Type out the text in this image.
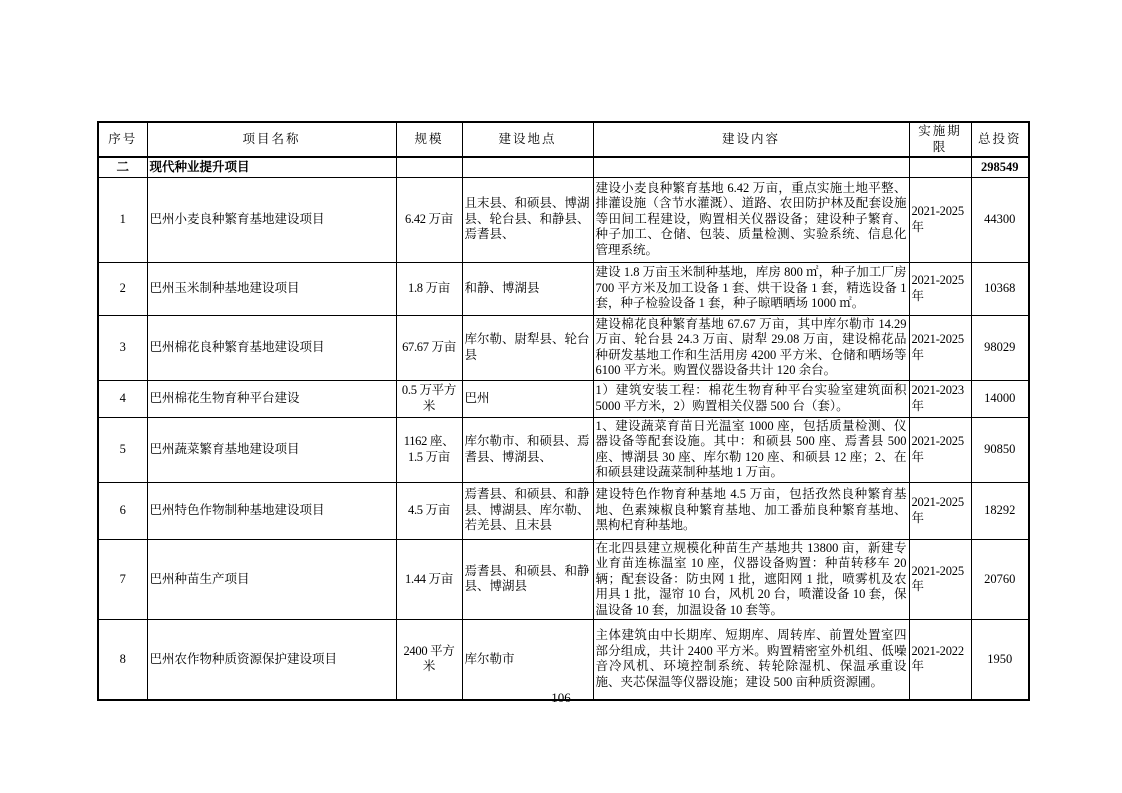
序号	项目名称	规模	建设地点	建设内容	实施期限	总投资
二	现代种业提升项目					298549
1	巴州小麦良种繁育基地建设项目	6.42 万亩	且末县、和硕县、博湖县、轮台县、和静县、焉耆县、	建设小麦良种繁育基地 6.42 万亩，重点实施土地平整、排灌设施（含节水灌溉）、道路、农田防护林及配套设施等田间工程建设，购置相关仪器设备；建设种子繁育、种子加工、仓储、包装、质量检测、实验系统、信息化管理系统。	2021-2025 年	44300
2	巴州玉米制种基地建设项目	1.8 万亩	和静、博湖县	建设 1.8 万亩玉米制种基地，库房 800 ㎡，种子加工厂房 700 平方米及加工设备 1 套、烘干设备 1 套，精选设备 1 套，种子检验设备 1 套，种子晾晒晒场 1000 ㎡。	2021-2025 年	10368
3	巴州棉花良种繁育基地建设项目	67.67 万亩	库尔勒、尉犁县、轮台县	建设棉花良种繁育基地 67.67 万亩，其中库尔勒市 14.29 万亩、轮台县 24.3 万亩、尉犁 29.08 万亩，建设棉花品种研发基地工作和生活用房 4200 平方米、仓储和晒场等 6100 平方米。购置仪器设备共计 120 余台。	2021-2025 年	98029
4	巴州棉花生物育种平台建设	0.5 万平方米	巴州	1）建筑安装工程：棉花生物育种平台实验室建筑面积 5000 平方米，2）购置相关仪器 500 台（套）。	2021-2023 年	14000
5	巴州蔬菜繁育基地建设项目	1162 座、1.5 万亩	库尔勒市、和硕县、焉耆县、博湖县、	1、建设蔬菜育苗日光温室 1000 座，包括质量检测、仪器设备等配套设施。其中：和硕县 500 座、焉耆县 500 座、博湖县 30 座、库尔勒 120 座、和硕县 12 座；2、在和硕县建设蔬菜制种基地 1 万亩。	2021-2025 年	90850
6	巴州特色作物制种基地建设项目	4.5 万亩	焉耆县、和硕县、和静县、博湖县、库尔勒、若羌县、且末县	建设特色作物育种基地 4.5 万亩，包括孜然良种繁育基地、色素辣椒良种繁育基地、加工番茄良种繁育基地、黑枸杞育种基地。	2021-2025 年	18292
7	巴州种苗生产项目	1.44 万亩	焉耆县、和硕县、和静县、博湖县	在北四县建立规模化种苗生产基地共 13800 亩，新建专业育苗连栋温室 10 座，仪器设备购置：种苗转移车 20 辆；配套设备：防虫网 1 批，遮阳网 1 批，喷雾机及农用具 1 批，湿帘 10 台，风机 20 台，喷灌设备 10 套，保温设备 10 套，加温设备 10 套等。	2021-2025 年	20760
8	巴州农作物种质资源保护建设项目	2400 平方米	库尔勒市	主体建筑由中长期库、短期库、周转库、前置处置室四部分组成，共计 2400 平方米。购置精密室外机组、低噪音冷风机、环境控制系统、转轮除湿机、保温承重设施、夹芯保温等仪器设施；建设 500 亩种质资源圃。	2021-2022 年	1950
106
